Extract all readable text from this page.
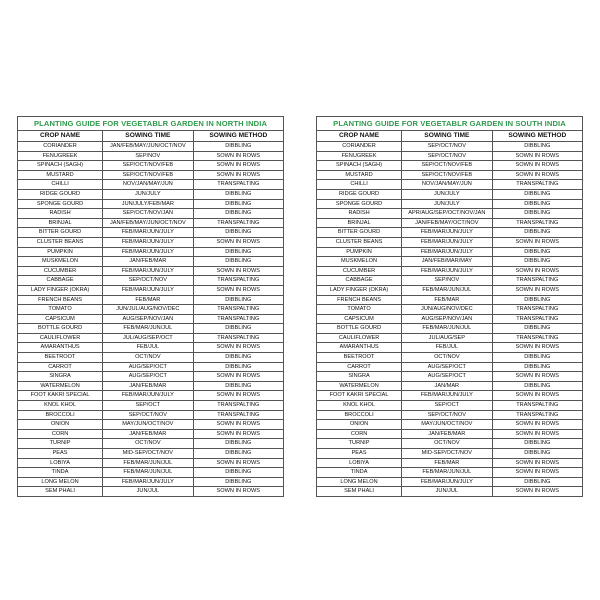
PLANTING GUIDE FOR VEGETABLR GARDEN IN NORTH INDIA		
CROP NAME	SOWING TIME	SOWING METHOD
CORIANDER	JAN/FEB/MAY/JUN/OCT/NOV	DIBBLING
FENUGREEK	SEP/NOV	SOWN IN ROWS
SPINACH (SAGH)	SEP/OCT/NOV/FEB	SOWN IN ROWS
MUSTARD	SEP/OCT/NOV/FEB	SOWN IN ROWS
CHILLI	NOV/JAN/MAY/JUN	TRANSPALTING
RIDGE GOURD	JUN/JULY	DIBBLING
SPONGE GOURD	JUN/JULY/FEB/MAR	DIBBLING
RADISH	SEP/OCT/NOV/JAN	DIBBLING
BRINJAL	JAN/FEB/MAY/JUN/OCT/NOV	TRANSPALTING
BITTER GOURD	FEB/MAR/JUN/JULY	DIBBLING
CLUSTER BEANS	FEB/MAR/JUN/JULY	SOWN IN ROWS
PUMPKIN	FEB/MAR/JUN/JULY	DIBBLING
MUSKMELON	JAN/FEB/MAR	DIBBLING
CUCUMBER	FEB/MAR/JUN/JULY	SOWN IN ROWS
CABBAGE	SEP/OCT/NOV	TRANSPALTING
LADY FINGER (OKRA)	FEB/MAR/JUN/JULY	SOWN IN ROWS
FRENCH BEANS	FEB/MAR	DIBBLING
TOMATO	JUN/JUL/AUG/NOV/DEC	TRANSPALTING
CAPSICUM	AUG/SEP/NOV/JAN	TRANSPALTING
BOTTLE GOURD	FEB/MAR/JUN/JUL	DIBBLING
CAULIFLOWER	JUL/AUG/SEP/OCT	TRANSPALTING
AMARANTHUS	FEB/JUL	SOWN IN ROWS
BEETROOT	OCT/NOV	DIBBLING
CARROT	AUG/SEP/OCT	DIBBLING
SINGRA	AUG/SEP/OCT	SOWN IN ROWS
WATERMELON	JAN/FEB/MAR	DIBBLING
FOOT KAKRI SPECIAL	FEB/MAR/JUN/JULY	SOWN IN ROWS
KNOL KHOL	SEP/OCT	TRANSPALTING
BROCCOLI	SEP/OCT/NOV	TRANSPALTING
ONION	MAY/JUN/OCT/NOV	SOWN IN ROWS
CORN	JAN/FEB/MAR	SOWN IN ROWS
TURNIP	OCT/NOV	DIBBLING
PEAS	MID-SEP/OCT/NOV	DIBBLING
LOBIYA	FEB/MAR/JUN/JUL	SOWN IN ROWS
TINDA	FEB/MAR/JUN/JUL	DIBBLING
LONG MELON	FEB/MAR/JUN/JULY	DIBBLING
SEM PHALI	JUN/JUL	SOWN IN ROWS
PLANTING GUIDE FOR VEGETABLR GARDEN IN SOUTH INDIA		
CROP NAME	SOWING TIME	SOWING METHOD
CORIANDER	SEP/OCT/NOV	DIBBLING
FENUGREEK	SEP/OCT/NOV	SOWN IN ROWS
SPINACH (SAGH)	SEP/OCT/NOV/FEB	SOWN IN ROWS
MUSTARD	SEP/OCT/NOV/FEB	SOWN IN ROWS
CHILLI	NOV/JAN/MAY/JUN	TRANSPALTING
RIDGE GOURD	JUN/JULY	DIBBLING
SPONGE GOURD	JUN/JULY	DIBBLING
RADISH	APR/AUG/SEP/OCT/NOV/JAN	DIBBLING
BRINJAL	JAN/FEB/MAY/OCT/NOV	TRANSPALTING
BITTER GOURD	FEB/MAR/JUN/JULY	DIBBLING
CLUSTER BEANS	FEB/MAR/JUN/JULY	SOWN IN ROWS
PUMPKIN	FEB/MAR/JUN/JULY	DIBBLING
MUSKMELON	JAN/FEB/MAR/MAY	DIBBLING
CUCUMBER	FEB/MAR/JUN/JULY	SOWN IN ROWS
CABBAGE	SEP/NOV	TRANSPALTING
LADY FINGER (OKRA)	FEB/MAR/JUN/JUL	SOWN IN ROWS
FRENCH BEANS	FEB/MAR	DIBBLING
TOMATO	JUN/AUG/NOV/DEC	TRANSPALTING
CAPSICUM	AUG/SEP/NOV/JAN	TRANSPALTING
BOTTLE GOURD	FEB/MAR/JUN/JUL	DIBBLING
CAULIFLOWER	JUL/AUG/SEP	TRANSPALTING
AMARANTHUS	FEB/JUL	SOWN IN ROWS
BEETROOT	OCT/NOV	DIBBLING
CARROT	AUG/SEP/OCT	DIBBLING
SINGRA	AUG/SEP/OCT	SOWN IN ROWS
WATERMELON	JAN/MAR	DIBBLING
FOOT KAKRI SPECIAL	FEB/MAR/JUN/JULY	SOWN IN ROWS
KNOL KHOL	SEP/OCT	TRANSPALTING
BROCCOLI	SEP/OCT/NOV	TRANSPALTING
ONION	MAY/JUN/OCT/NOV	SOWN IN ROWS
CORN	JAN/FEB/MAR	SOWN IN ROWS
TURNIP	OCT/NOV	DIBBLING
PEAS	MID-SEP/OCT/NOV	DIBBLING
LOBIYA	FEB/MAR	SOWN IN ROWS
TINDA	FEB/MAR/JUN/JUL	SOWN IN ROWS
LONG MELON	FEB/MAR/JUN/JULY	DIBBLING
SEM PHALI	JUN/JUL	SOWN IN ROWS
